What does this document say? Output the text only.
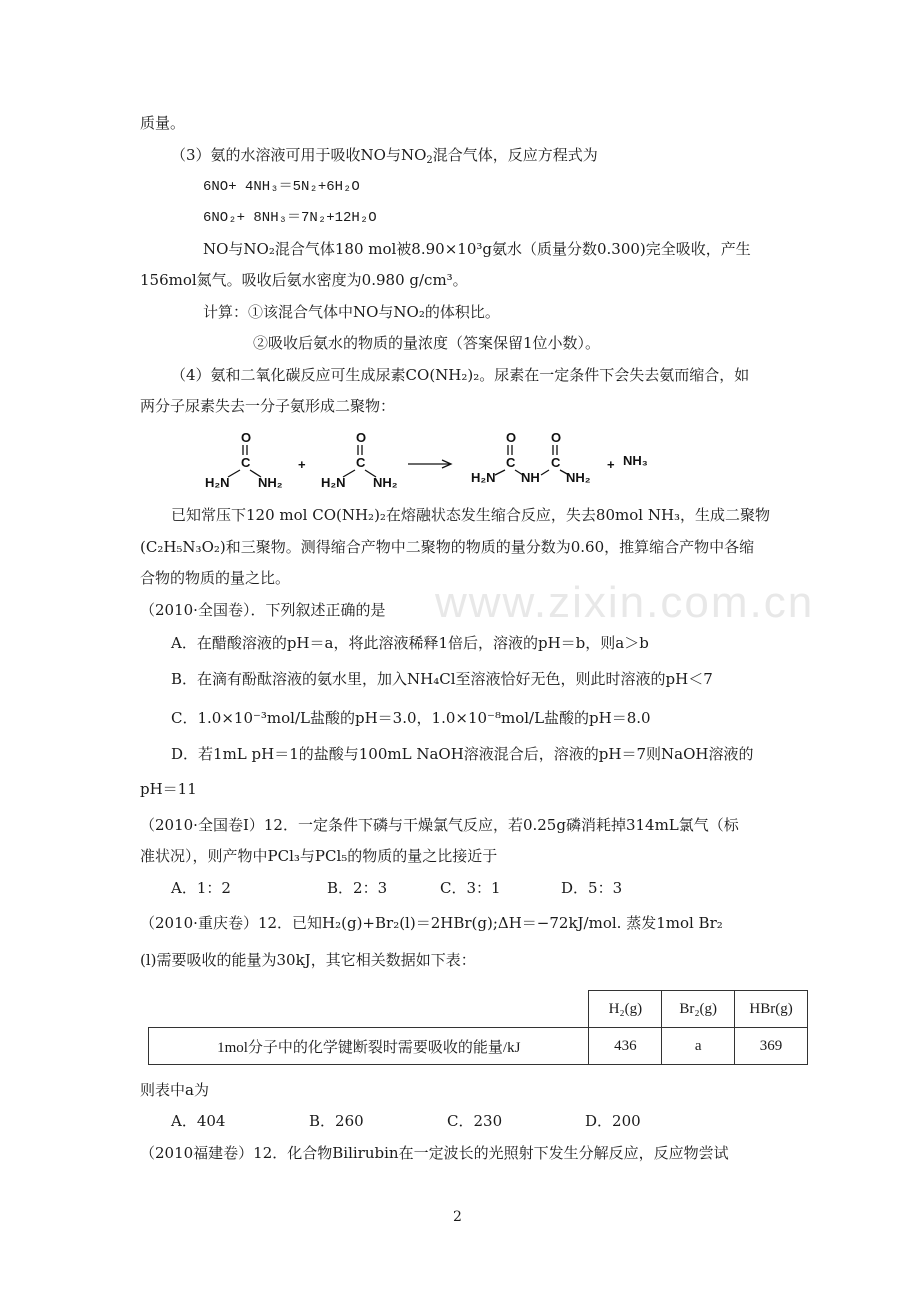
www.zixin.com.cn
质量。
（3）氨的水溶液可用于吸收NO与$NO_2$混合气体，反应方程式为
6NO+ 4NH₃＝5N₂+6H₂O
6NO₂+ 8NH₃＝7N₂+12H₂O
NO与NO₂混合气体180 mol被8.90×10³g氨水（质量分数0.300)完全吸收，产生
156mol氮气。吸收后氨水密度为0.980 g/cm³。
计算：①该混合气体中NO与NO₂的体积比。
②吸收后氨水的物质的量浓度（答案保留1位小数）。
（4）氨和二氧化碳反应可生成尿素CO(NH₂)₂。尿素在一定条件下会失去氨而缩合，如
两分子尿素失去一分子氨形成二聚物：
O
C
H₂N NH₂
+
O
C
H₂N NH₂
O
C
H₂N NH
O
C
NH₂
+ NH₃
已知常压下120 mol CO(NH₂)₂在熔融状态发生缩合反应，失去80mol NH₃，生成二聚物
(C₂H₅N₃O₂)和三聚物。测得缩合产物中二聚物的物质的量分数为0.60，推算缩合产物中各缩
合物的物质的量之比。
（2010·全国卷）．下列叙述正确的是
A．在醋酸溶液的pH＝a，将此溶液稀释1倍后，溶液的pH＝b，则a＞b
B．在滴有酚酞溶液的氨水里，加入NH₄Cl至溶液恰好无色，则此时溶液的pH＜7
C．1.0×10⁻³mol/L盐酸的pH＝3.0，1.0×10⁻⁸mol/L盐酸的pH＝8.0
D．若1mL pH＝1的盐酸与100mL NaOH溶液混合后，溶液的pH＝7则NaOH溶液的
pH＝11
（2010·全国卷Ⅰ）12．一定条件下磷与干燥氯气反应，若0.25g磷消耗掉314mL氯气（标
准状况），则产物中PCl₃与PCl₅的物质的量之比接近于
A．1：2	B．2：3	C．3：1	D．5：3
（2010·重庆卷）12．已知H₂(g)+Br₂(l)＝2HBr(g);ΔH＝−72kJ/mol. 蒸发1mol Br₂
(l)需要吸收的能量为30kJ，其它相关数据如下表：
	H₂(g)	Br₂(g)	HBr(g)
1mol分子中的化学键断裂时需要吸收的能量/kJ	436	a	369
则表中a为
A．404	B．260	C．230	D．200
（2010福建卷）12．化合物Bilirubin在一定波长的光照射下发生分解反应，反应物尝试
2
